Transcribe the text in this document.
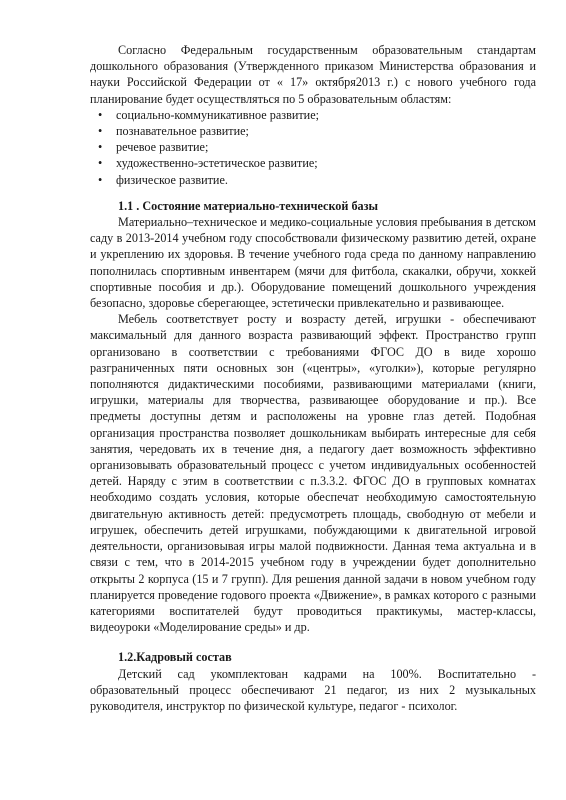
Согласно Федеральным государственным образовательным стандартам дошкольного образования (Утвержденного приказом Министерства образования и науки Российской Федерации от « 17» октября2013 г.) с нового учебного года планирование будет осуществляться по 5 образовательным областям:

• социально-коммуникативное развитие;
• познавательное развитие;
• речевое развитие;
• художественно-эстетическое развитие;
• физическое развитие.
1.1 . Состояние материально-технической базы

Материально–техническое и медико-социальные условия пребывания в детском саду в 2013-2014 учебном году способствовали физическому развитию детей, охране и укреплению их здоровья. В течение учебного года среда по данному направлению пополнилась спортивным инвентарем (мячи для фитбола, скакалки, обручи, хоккей спортивные пособия и др.). Оборудование помещений дошкольного учреждения безопасно, здоровье сберегающее, эстетически привлекательно и развивающее.

Мебель соответствует росту и возрасту детей, игрушки - обеспечивают максимальный для данного возраста развивающий эффект. Пространство групп организовано в соответствии с требованиями ФГОС ДО в виде хорошо разграниченных пяти основных зон («центры», «уголки»), которые регулярно пополняются дидактическими пособиями, развивающими материалами (книги, игрушки, материалы для творчества, развивающее оборудование и пр.). Все предметы доступны детям и расположены на уровне глаз детей. Подобная организация пространства позволяет дошкольникам выбирать интересные для себя занятия, чередовать их в течение дня, а педагогу дает возможность эффективно организовывать образовательный процесс с учетом индивидуальных особенностей детей. Наряду с этим в соответствии с п.3.3.2. ФГОС ДО в групповых комнатах необходимо создать условия, которые обеспечат необходимую самостоятельную двигательную активность детей: предусмотреть площадь, свободную от мебели и игрушек, обеспечить детей игрушками, побуждающими к двигательной игровой деятельности, организовывая игры малой подвижности. Данная тема актуальна и в связи с тем, что в 2014-2015 учебном году в учреждении будет дополнительно открыты 2 корпуса (15 и 7 групп). Для решения данной задачи в новом учебном году планируется проведение годового проекта «Движение», в рамках которого с разными категориями воспитателей будут проводиться практикумы, мастер-классы, видеоуроки «Моделирование среды» и др.

1.2.Кадровый состав

Детский сад укомплектован кадрами на 100%. Воспитательно - образовательный процесс обеспечивают 21 педагог, из них 2 музыкальных руководителя, инструктор по физической культуре, педагог - психолог.
